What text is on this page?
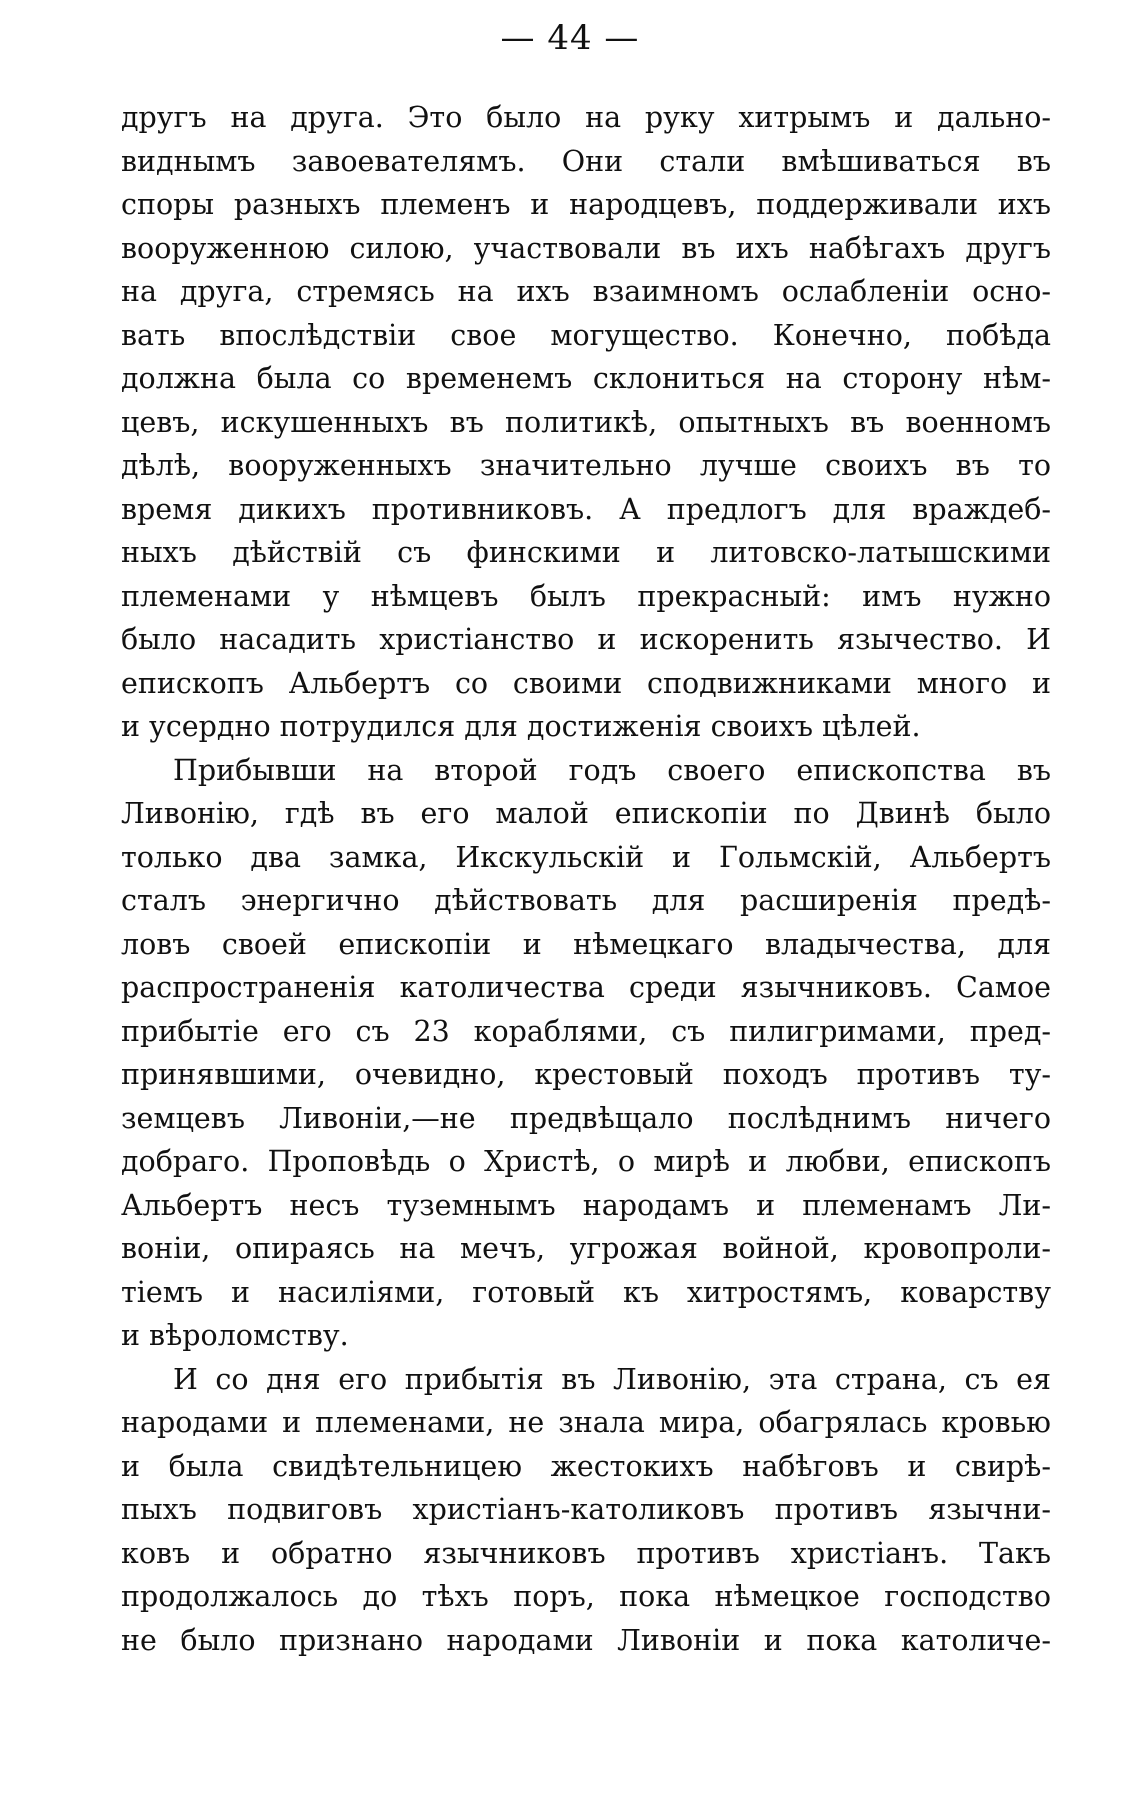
— 44 —
другъ на друга. Это было на руку хитрымъ и дально-
виднымъ завоевателямъ. Они стали вмѣшиваться въ
споры разныхъ племенъ и народцевъ, поддерживали ихъ
вооруженною силою, участвовали въ ихъ набѣгахъ другъ
на друга, стремясь на ихъ взаимномъ ослабленiи осно-
вать впослѣдствiи свое могущество. Конечно, побѣда
должна была со временемъ склониться на сторону нѣм-
цевъ, искушенныхъ въ политикѣ, опытныхъ въ военномъ
дѣлѣ, вооруженныхъ значительно лучше своихъ въ то
время дикихъ противниковъ. А предлогъ для враждеб-
ныхъ дѣйствiй съ финскими и литовско-латышскими
племенами у нѣмцевъ былъ прекрасный: имъ нужно
было насадить христiанство и искоренить язычество. И
епископъ Альбертъ со своими сподвижниками много и
и усердно потрудился для достиженiя своихъ цѣлей.
Прибывши на второй годъ своего епископства въ
Ливонiю, гдѣ въ его малой епископiи по Двинѣ было
только два замка, Икскульскiй и Гольмскiй, Альбертъ
сталъ энергично дѣйствовать для расширенiя предѣ-
ловъ своей епископiи и нѣмецкаго владычества, для
распространенiя католичества среди язычниковъ. Самое
прибытiе его съ 23 кораблями, съ пилигримами, пред-
принявшими, очевидно, крестовый походъ противъ ту-
земцевъ Ливонiи,—не предвѣщало послѣднимъ ничего
добраго. Проповѣдь о Христѣ, о мирѣ и любви, епископъ
Альбертъ несъ туземнымъ народамъ и племенамъ Ли-
вонiи, опираясь на мечъ, угрожая войной, кровопроли-
тiемъ и насилiями, готовый къ хитростямъ, коварству
и вѣроломству.
И со дня его прибытiя въ Ливонiю, эта страна, съ ея
народами и племенами, не знала мира, обагрялась кровью
и была свидѣтельницею жестокихъ набѣговъ и свирѣ-
пыхъ подвиговъ христiанъ-католиковъ противъ язычни-
ковъ и обратно язычниковъ противъ христiанъ. Такъ
продолжалось до тѣхъ поръ, пока нѣмецкое господство
не было признано народами Ливонiи и пока католиче-
